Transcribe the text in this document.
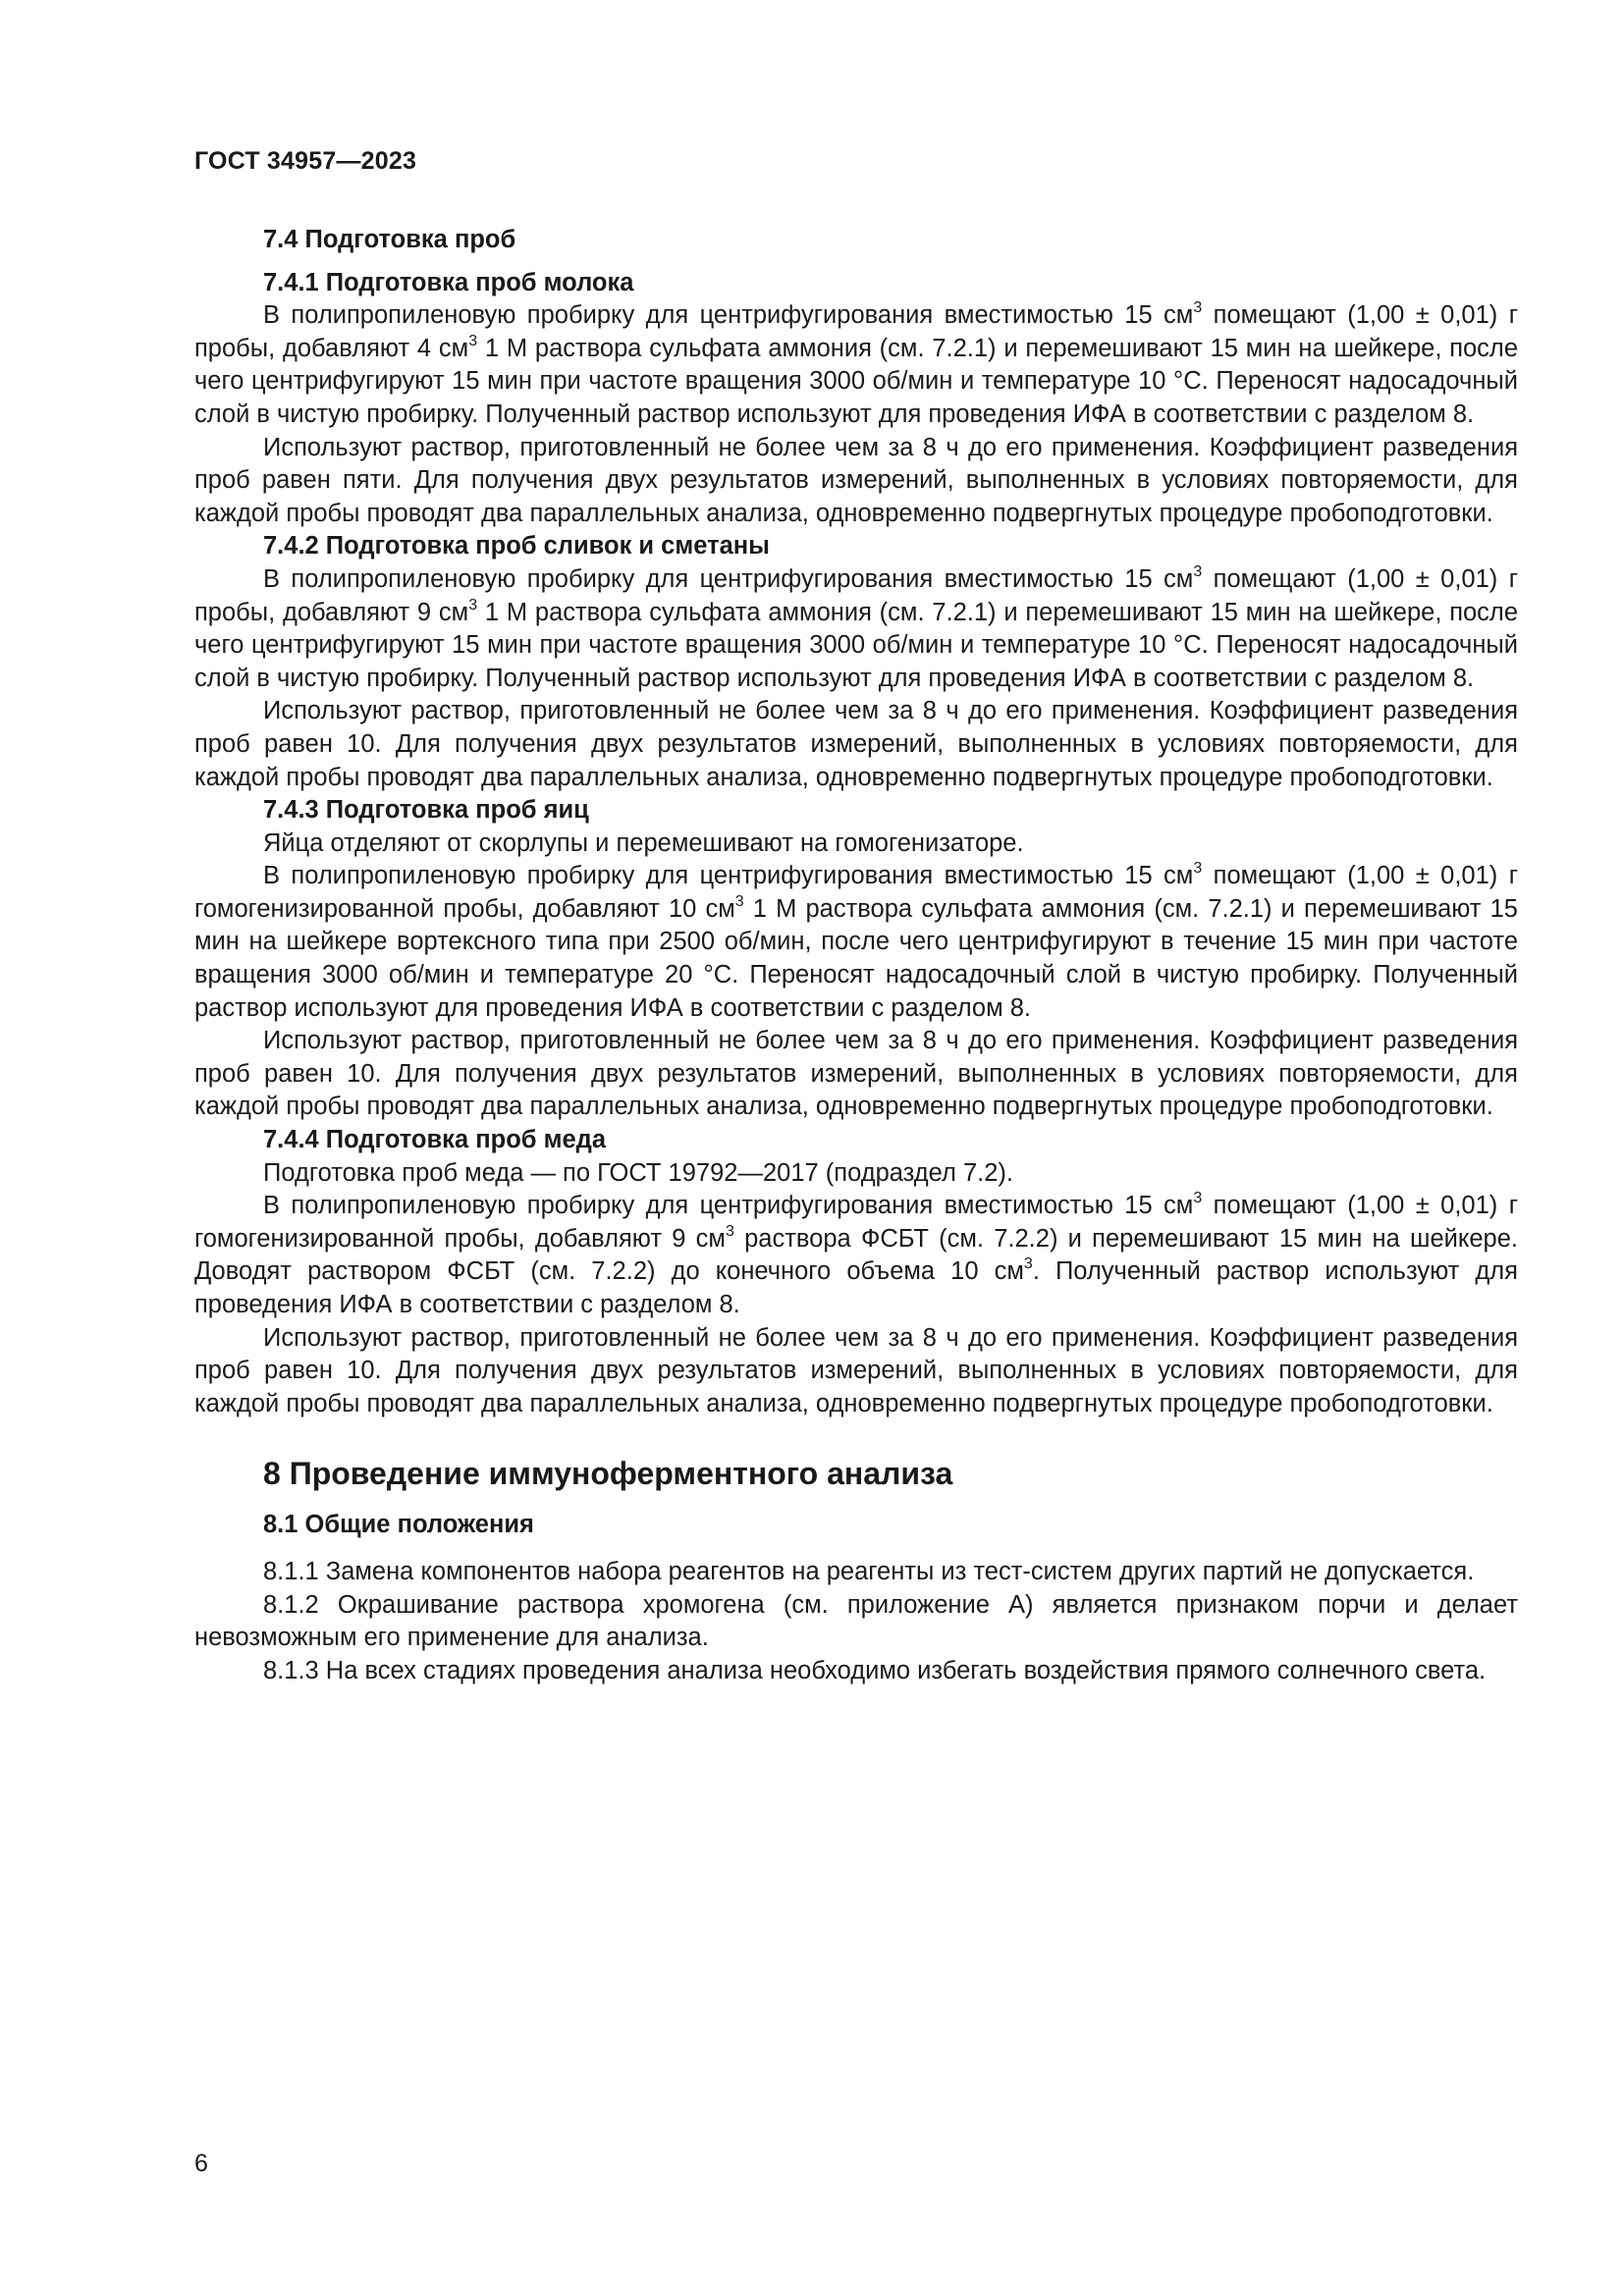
ГОСТ 34957—2023
7.4 Подготовка проб
7.4.1 Подготовка проб молока

В полипропиленовую пробирку для центрифугирования вместимостью 15 $см^3$ помещают (1,00 ± 0,01) г пробы, добавляют 4 $см^3$ 1 М раствора сульфата аммония (см. 7.2.1) и перемешивают 15 мин на шейкере, после чего центрифугируют 15 мин при частоте вращения 3000 об/мин и температуре 10 °С. Переносят надосадочный слой в чистую пробирку. Полученный раствор используют для проведения ИФА в соответствии с разделом 8.

Используют раствор, приготовленный не более чем за 8 ч до его применения. Коэффициент разведения проб равен пяти. Для получения двух результатов измерений, выполненных в условиях повторяемости, для каждой пробы проводят два параллельных анализа, одновременно подвергнутых процедуре пробоподготовки.

7.4.2 Подготовка проб сливок и сметаны

В полипропиленовую пробирку для центрифугирования вместимостью 15 $см^3$ помещают (1,00 ± 0,01) г пробы, добавляют 9 $см^3$ 1 М раствора сульфата аммония (см. 7.2.1) и перемешивают 15 мин на шейкере, после чего центрифугируют 15 мин при частоте вращения 3000 об/мин и температуре 10 °С. Переносят надосадочный слой в чистую пробирку. Полученный раствор используют для проведения ИФА в соответствии с разделом 8.

Используют раствор, приготовленный не более чем за 8 ч до его применения. Коэффициент разведения проб равен 10. Для получения двух результатов измерений, выполненных в условиях повторяемости, для каждой пробы проводят два параллельных анализа, одновременно подвергнутых процедуре пробоподготовки.

7.4.3 Подготовка проб яиц

Яйца отделяют от скорлупы и перемешивают на гомогенизаторе.

В полипропиленовую пробирку для центрифугирования вместимостью 15 $см^3$ помещают (1,00 ± 0,01) г гомогенизированной пробы, добавляют 10 $см^3$ 1 М раствора сульфата аммония (см. 7.2.1) и перемешивают 15 мин на шейкере вортексного типа при 2500 об/мин, после чего центрифугируют в течение 15 мин при частоте вращения 3000 об/мин и температуре 20 °С. Переносят надосадочный слой в чистую пробирку. Полученный раствор используют для проведения ИФА в соответствии с разделом 8.

Используют раствор, приготовленный не более чем за 8 ч до его применения. Коэффициент разведения проб равен 10. Для получения двух результатов измерений, выполненных в условиях повторяемости, для каждой пробы проводят два параллельных анализа, одновременно подвергнутых процедуре пробоподготовки.

7.4.4 Подготовка проб меда

Подготовка проб меда — по ГОСТ 19792—2017 (подраздел 7.2).

В полипропиленовую пробирку для центрифугирования вместимостью 15 $см^3$ помещают (1,00 ± 0,01) г гомогенизированной пробы, добавляют 9 $см^3$ раствора ФСБТ (см. 7.2.2) и перемешивают 15 мин на шейкере. Доводят раствором ФСБТ (см. 7.2.2) до конечного объема 10 $см^3$. Полученный раствор используют для проведения ИФА в соответствии с разделом 8.

Используют раствор, приготовленный не более чем за 8 ч до его применения. Коэффициент разведения проб равен 10. Для получения двух результатов измерений, выполненных в условиях повторяемости, для каждой пробы проводят два параллельных анализа, одновременно подвергнутых процедуре пробоподготовки.

8 Проведение иммуноферментного анализа
8.1 Общие положения

8.1.1 Замена компонентов набора реагентов на реагенты из тест-систем других партий не допускается.

8.1.2 Окрашивание раствора хромогена (см. приложение А) является признаком порчи и делает невозможным его применение для анализа.

8.1.3 На всех стадиях проведения анализа необходимо избегать воздействия прямого солнечного света.

6
